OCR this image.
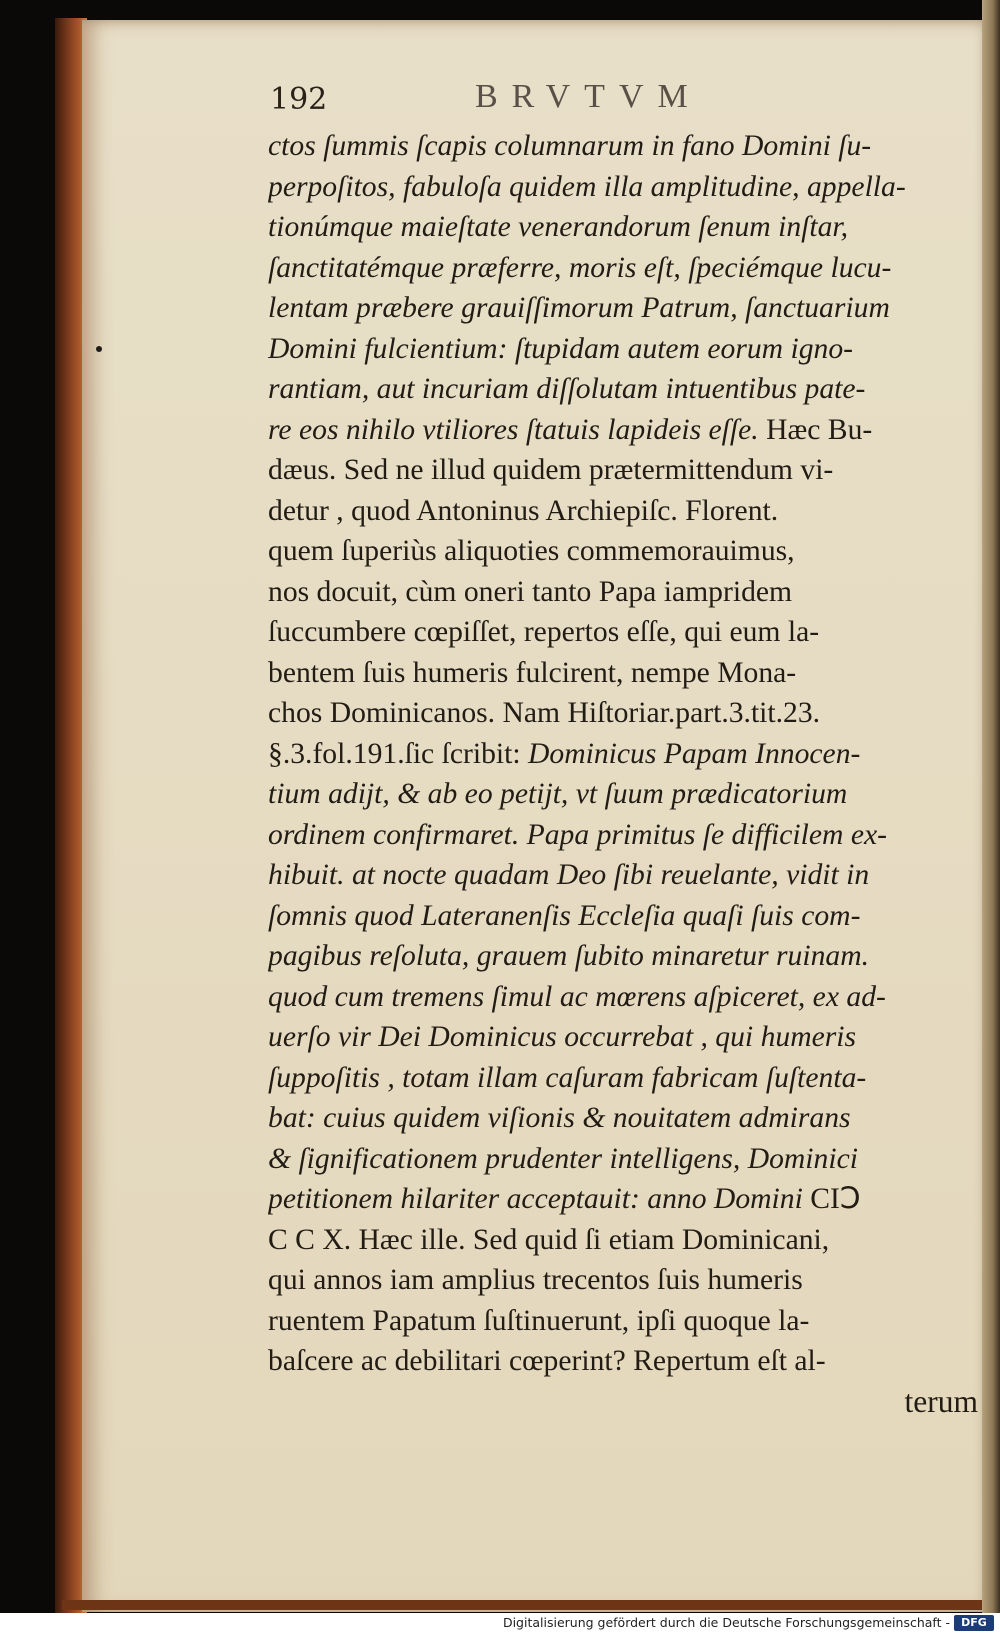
192	BRVTVM
ctos ſummis ſcapis columnarum in fano Domini ſu-
perpoſitos, fabuloſa quidem illa amplitudine, appella-
tionúmque maieſtate venerandorum ſenum inſtar,
ſanctitatémque præferre, moris eſt, ſpeciémque lucu-
lentam præbere grauiſſimorum Patrum, ſanctuarium
Domini fulcientium: ſtupidam autem eorum igno-
rantiam, aut incuriam diſſolutam intuentibus pate-
re eos nihilo vtiliores ſtatuis lapideis eſſe. Hæc Bu-
dæus. Sed ne illud quidem prætermittendum vi-
detur , quod Antoninus Archiepiſc. Florent.
quem ſuperiùs aliquoties commemorauimus,
nos docuit, cùm oneri tanto Papa iampridem
ſuccumbere cœpiſſet, repertos eſſe, qui eum la-
bentem ſuis humeris fulcirent, nempe Mona-
chos Dominicanos. Nam Hiſtoriar.part.3.tit.23.
§.3.fol.191.ſic ſcribit: Dominicus Papam Innocen-
tium adijt, & ab eo petijt, vt ſuum prædicatorium
ordinem confirmaret. Papa primitus ſe difficilem ex-
hibuit. at nocte quadam Deo ſibi reuelante, vidit in
ſomnis quod Lateranenſis Eccleſia quaſi ſuis com-
pagibus reſoluta, grauem ſubito minaretur ruinam.
quod cum tremens ſimul ac mœrens aſpiceret, ex ad-
uerſo vir Dei Dominicus occurrebat , qui humeris
ſuppoſitis , totam illam caſuram fabricam ſuſtenta-
bat: cuius quidem viſionis & nouitatem admirans
& ſignificationem prudenter intelligens, Dominici
petitionem hilariter acceptauit: anno Domini CIↃ
C C X. Hæc ille. Sed quid ſi etiam Dominicani,
qui annos iam amplius trecentos ſuis humeris
ruentem Papatum ſuſtinuerunt, ipſi quoque la-
baſcere ac debilitari cœperint? Repertum eſt al-
terum
Digitalisierung gefördert durch die Deutsche Forschungsgemeinschaft -	DFG
